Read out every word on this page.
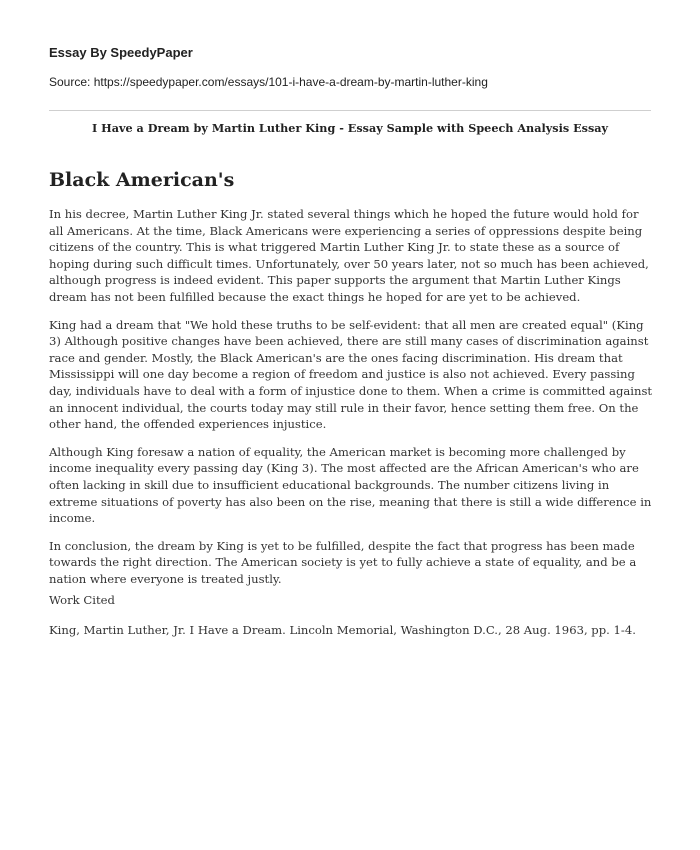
Essay By SpeedyPaper
Source: https://speedypaper.com/essays/101-i-have-a-dream-by-martin-luther-king
I Have a Dream by Martin Luther King - Essay Sample with Speech Analysis Essay
Black American's

In his decree, Martin Luther King Jr. stated several things which he hoped the future would hold for all Americans. At the time, Black Americans were experiencing a series of oppressions despite being citizens of the country. This is what triggered Martin Luther King Jr. to state these as a source of hoping during such difficult times. Unfortunately, over 50 years later, not so much has been achieved, although progress is indeed evident. This paper supports the argument that Martin Luther Kings dream has not been fulfilled because the exact things he hoped for are yet to be achieved.

King had a dream that "We hold these truths to be self-evident: that all men are created equal" (King 3) Although positive changes have been achieved, there are still many cases of discrimination against race and gender. Mostly, the Black American's are the ones facing discrimination. His dream that Mississippi will one day become a region of freedom and justice is also not achieved. Every passing day, individuals have to deal with a form of injustice done to them. When a crime is committed against an innocent individual, the courts today may still rule in their favor, hence setting them free. On the other hand, the offended experiences injustice.

Although King foresaw a nation of equality, the American market is becoming more challenged by income inequality every passing day (King 3). The most affected are the African American's who are often lacking in skill due to insufficient educational backgrounds. The number citizens living in extreme situations of poverty has also been on the rise, meaning that there is still a wide difference in income.

In conclusion, the dream by King is yet to be fulfilled, despite the fact that progress has been made towards the right direction. The American society is yet to fully achieve a state of equality, and be a nation where everyone is treated justly.

Work Cited
King, Martin Luther, Jr. I Have a Dream. Lincoln Memorial, Washington D.C., 28 Aug. 1963, pp. 1-4.
